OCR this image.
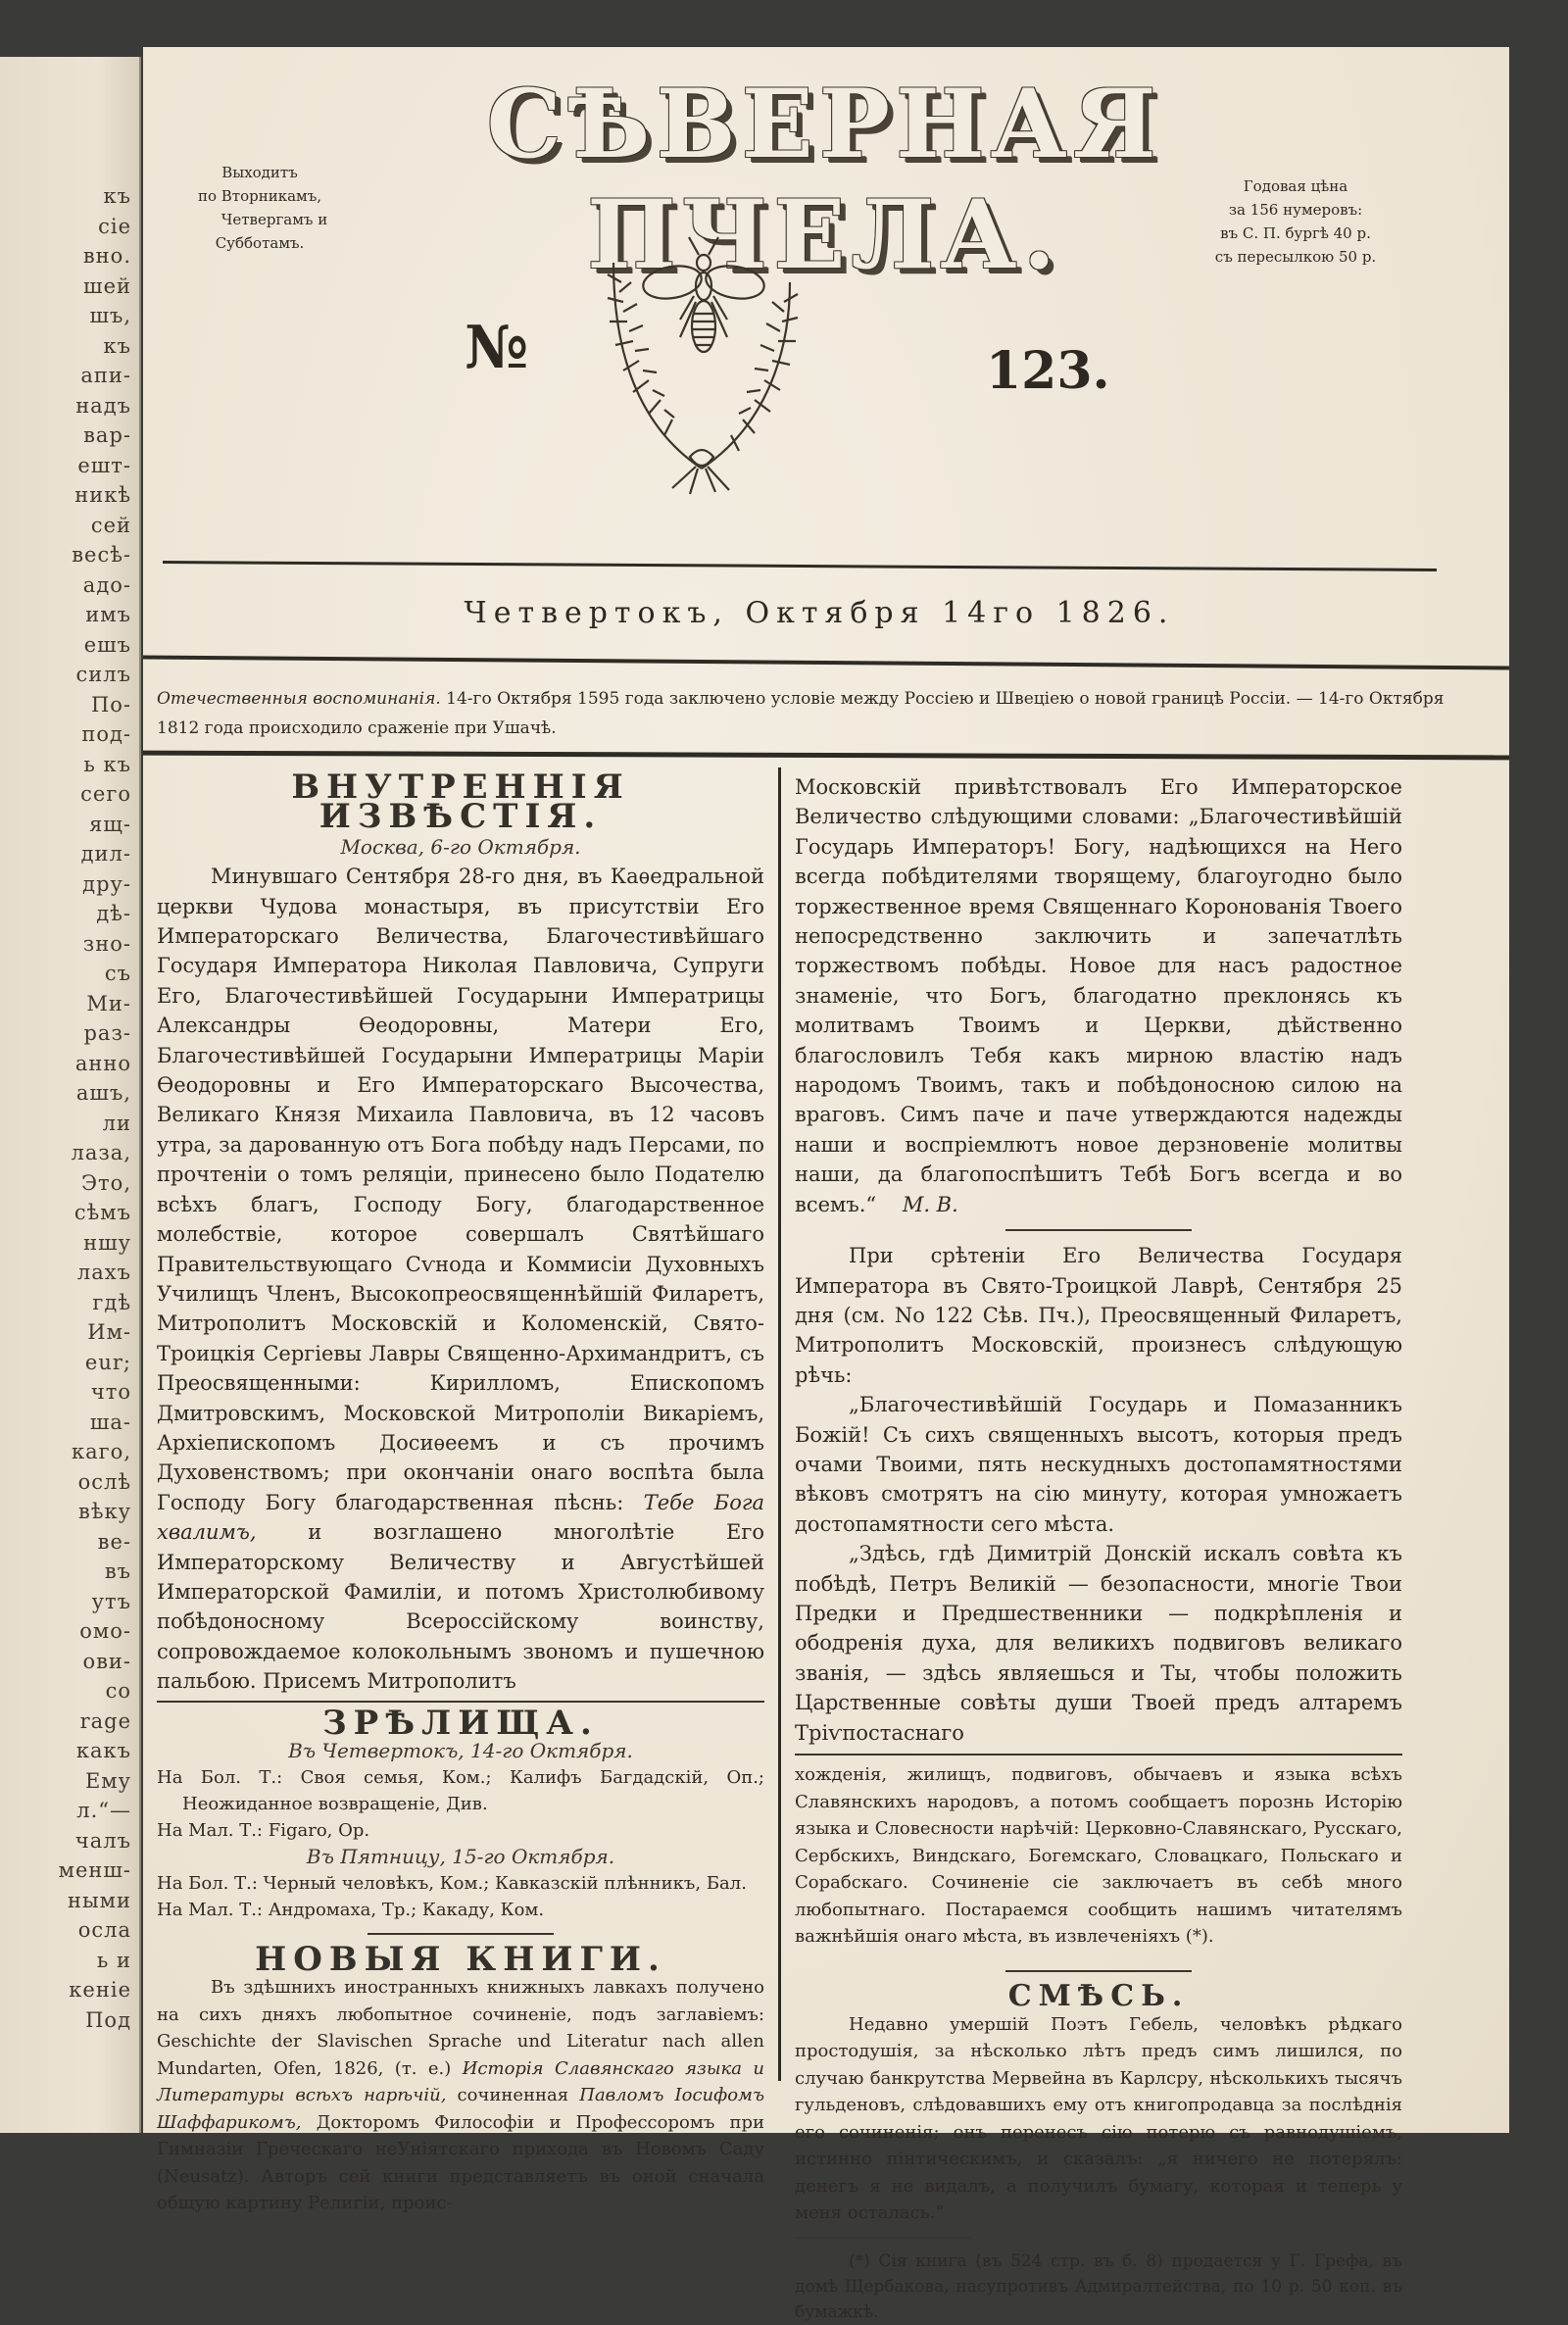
къ
сіе
вно.
шей
шъ,
къ
апи-
надъ
вар-
ешт-
никѣ
сей
весѣ-
адо-
имъ
ешъ
силъ
По-
под-
ь къ
сего
ящ-
дил-
дру-
дѣ-
зно-
съ
Ми-
раз-
анно
ашъ,
ли
лаза,
Это,
сѣмъ
ншу
лахъ
гдѣ
Им-
eur;
что
ша-
каго,
ослѣ
вѣку
ве-
въ
утъ
омо-
ови-
со
rage
какъ
Ему
л.“—
чалъ
менш-
ными
осла
ь и
кеніе
Под
СѢВЕРНАЯ ПЧЕЛА.
Выходитъ
по Вторникамъ,
Четвергамъ и
Субботамъ.
№	123.
Годовая цѣна
за 156 нумеровъ:
въ С. П. бургѣ 40 р.
съ пересылкою 50 р.
Четвертокъ, Октября 14го 1826.
Отечественныя воспоминанія. 14-го Октября 1595 года заключено условіе между Россіею и Швеціею о новой границѣ Россіи. — 14-го Октября 1812 года происходило сраженіе при Ушачѣ.
ВНУТРЕННІЯ ИЗВѢСТІЯ.
Москва, 6-го Октября.
Минувшаго Сентября 28-го дня, въ Каѳедральной церкви Чудова монастыря, въ присутствіи Его Императорскаго Величества, Благочестивѣйшаго Государя Императора Николая Павловича, Супруги Его, Благочестивѣйшей Государыни Императрицы Александры Ѳеодоровны, Матери Его, Благочестивѣйшей Государыни Императрицы Маріи Ѳеодоровны и Его Императорскаго Высочества, Великаго Князя Михаила Павловича, въ 12 часовъ утра, за дарованную отъ Бога побѣду надъ Персами, по прочтеніи о томъ реляціи, принесено было Подателю всѣхъ благъ, Господу Богу, благодарственное молебствіе, которое совершалъ Святѣйшаго Правительствующаго Сѵнода и Коммисіи Духовныхъ Училищъ Членъ, Высокопреосвященнѣйшій Филаретъ, Митрополитъ Московскій и Коломенскій, Свято-Троицкія Сергіевы Лавры Священно-Архимандритъ, съ Преосвященными: Кирилломъ, Епископомъ Дмитровскимъ, Московской Митрополіи Викаріемъ, Архіепископомъ Досиѳеемъ и съ прочимъ Духовенствомъ; при окончаніи онаго воспѣта была Господу Богу благодарственная пѣснь: Тебе Бога хвалимъ, и возглашено многолѣтіе Его Императорскому Величеству и Августѣйшей Императорской Фамиліи, и потомъ Христолюбивому побѣдоносному Всероссійскому воинству, сопровождаемое колокольнымъ звономъ и пушечною пальбою. Присемъ Митрополитъ
ЗРѢЛИЩА.
Въ Четвертокъ, 14-го Октября.
На Бол. Т.: Своя семья, Ком.; Калифъ Багдадскій, Оп.; Неожиданное возвращеніе, Див.
На Мал. Т.: Figaro, Op.
Въ Пятницу, 15-го Октября.
На Бол. Т.: Черный человѣкъ, Ком.; Кавказскій плѣнникъ, Бал.
На Мал. Т.: Андромаха, Тр.; Какаду, Ком.
НОВЫЯ КНИГИ.
Въ здѣшнихъ иностранныхъ книжныхъ лавкахъ получено на сихъ дняхъ любопытное сочиненіе, подъ заглавіемъ: Geschichte der Slavischen Sprache und Literatur nach allen Mundarten, Ofen, 1826, (т. е.) Исторія Славянскаго языка и Литературы всѣхъ нарѣчій, сочиненная Павломъ Іосифомъ Шаффарикомъ, Докторомъ Философіи и Профессоромъ при Гимназіи Греческаго неУніятскаго прихода въ Новомъ Саду (Neusatz). Авторъ сей книги представляетъ въ оной сначала общую картину Религіи, проис-
Московскій привѣтствовалъ Его Императорское Величество слѣдующими словами: „Благочестивѣйшій Государь Императоръ! Богу, надѣющихся на Него всегда побѣдителями творящему, благоугодно было торжественное время Священнаго Коронованія Твоего непосредственно заключить и запечатлѣть торжествомъ побѣды. Новое для насъ радостное знаменіе, что Богъ, благодатно преклонясь къ молитвамъ Твоимъ и Церкви, дѣйственно благословилъ Тебя какъ мирною властію надъ народомъ Твоимъ, такъ и побѣдоносною силою на враговъ. Симъ паче и паче утверждаются надежды наши и воспріемлютъ новое дерзновеніе молитвы наши, да благопоспѣшитъ Тебѣ Богъ всегда и во всемъ.“ М. В.
При срѣтеніи Его Величества Государя Императора въ Свято-Троицкой Лаврѣ, Сентября 25 дня (см. No 122 Сѣв. Пч.), Преосвященный Филаретъ, Митрополитъ Московскій, произнесъ слѣдующую рѣчь:
„Благочестивѣйшій Государь и Помазанникъ Божій! Съ сихъ священныхъ высотъ, которыя предъ очами Твоими, пять нескудныхъ достопамятностями вѣковъ смотрятъ на сію минуту, которая умножаетъ достопамятности сего мѣста.
„Здѣсь, гдѣ Димитрій Донскій искалъ совѣта къ побѣдѣ, Петръ Великій — безопасности, многіе Твои Предки и Предшественники — подкрѣпленія и ободренія духа, для великихъ подвиговъ великаго званія, — здѣсь являешься и Ты, чтобы положить Царственные совѣты души Твоей предъ алтаремъ Тріѵпостаснаго
хожденія, жилищъ, подвиговъ, обычаевъ и языка всѣхъ Славянскихъ народовъ, а потомъ сообщаетъ порознь Исторію языка и Словесности нарѣчій: Церковно-Славянскаго, Русскаго, Сербскихъ, Виндскаго, Богемскаго, Словацкаго, Польскаго и Сорабскаго. Сочиненіе сіе заключаетъ въ себѣ много любопытнаго. Постараемся сообщить нашимъ читателямъ важнѣйшія онаго мѣста, въ извлеченіяхъ (*).
СМѢСЬ.
Недавно умершій Поэтъ Гебель, человѣкъ рѣдкаго простодушія, за нѣсколько лѣтъ предъ симъ лишился, по случаю банкрутства Мервейна въ Карлсру, нѣсколькихъ тысячъ гульденовъ, слѣдовавшихъ ему отъ книгопродавца за послѣднія его сочиненія; онъ перенесъ сію потерю съ равнодушіемъ, истинно пінтическимъ, и сказалъ: „я ничего не потерялъ: денегъ я не видалъ, а получилъ бумагу, которая и теперь у меня осталась.“
(*) Сія книга (въ 524 стр. въ б. 8) продается у Г. Грефа, въ домѣ Щербакова, насупротивъ Адмиралтейства, по 10 р. 50 коп. въ бумажкѣ.
